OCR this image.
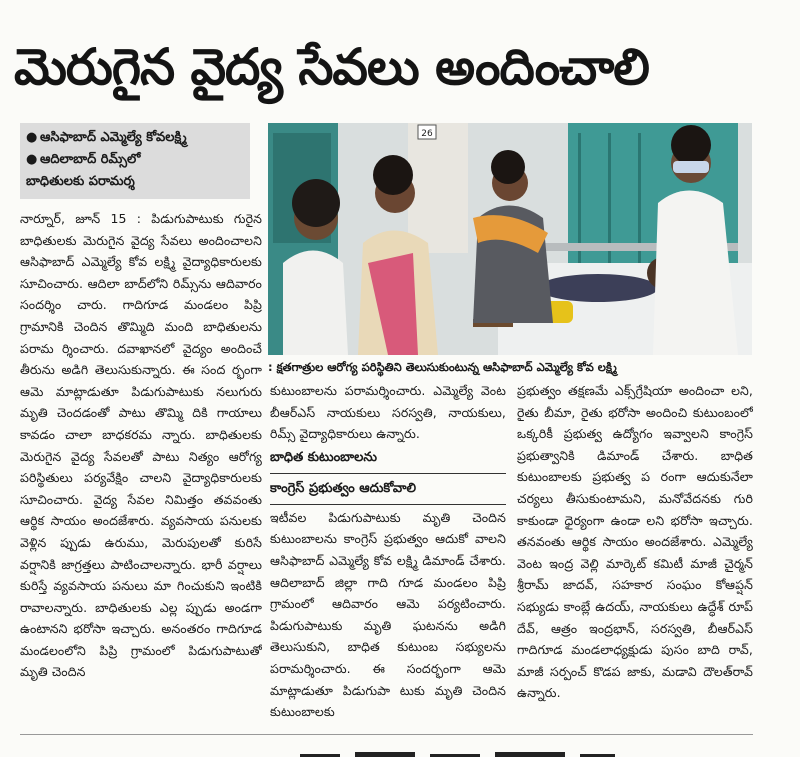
మెరుగైన వైద్య సేవలు అందించాలి
● ఆసిఫాబాద్ ఎమ్మెల్యే కోవలక్ష్మి
● ఆదిలాబాద్ రిమ్స్‌లో
బాధితులకు పరామర్శ
నార్నూర్, జూన్ 15 : పిడుగుపాటుకు గురైన బాధితులకు మెరుగైన వైద్య సేవలు అందించాలని ఆసిఫాబాద్ ఎమ్మెల్యే కోవ లక్ష్మి వైద్యాధికారులకు సూచించారు. ఆదిలా బాద్‌లోని రిమ్స్‌ను ఆదివారం సందర్శిం చారు. గాదిగూడ మండలం పిప్రి గ్రామానికి చెందిన తొమ్మిది మంది బాధితులను పరామ ర్శించారు. దవాఖానలో వైద్యం అందించే తీరును అడిగి తెలుసుకున్నారు. ఈ సంద ర్భంగా ఆమె మాట్లాడుతూ పిడుగుపాటుకు నలుగురు మృతి చెందడంతో పాటు తొమ్మి దికి గాయాలు కావడం చాలా బాధకరమ న్నారు. బాధితులకు మెరుగైన వైద్య సేవలతో పాటు నిత్యం ఆరోగ్య పరిస్థితులు పర్యవేక్షిం చాలని వైద్యాధికారులకు సూచించారు. వైద్య సేవల నిమిత్తం తవవంతు ఆర్థిక సాయం అందజేశారు. వ్యవసాయ పనులకు వెళ్లిన ప్పుడు ఉరుము, మెరుపులతో కురిసే వర్షానికి జాగ్రత్తలు పాటించాలన్నారు. భారీ వర్షాలు కురిస్తే వ్యవసాయ పనులు మా గించుకుని ఇంటికి రావాలన్నారు. బాధితులకు ఎల్ల ప్పుడు అండగా ఉంటానని భరోసా ఇచ్చారు. అనంతరం గాదిగూడ మండలంలోని పిప్రి గ్రామంలో పిడుగుపాటుతో మృతి చెందిన
26
: క్షతగాత్రుల ఆరోగ్య పరిస్థితిని తెలుసుకుంటున్న ఆసిఫాబాద్ ఎమ్మెల్యే కోవ లక్ష్మి
కుటుంబాలను పరామర్శించారు. ఎమ్మెల్యే వెంట బీఆర్ఎస్ నాయకులు సరస్వతి, నాయకులు, రిమ్స్ వైద్యాధికారులు ఉన్నారు.
బాధిత కుటుంబాలను
కాంగ్రెస్ ప్రభుత్వం ఆదుకోవాలి
ఇటీవల పిడుగుపాటుకు మృతి చెందిన కుటుంబాలను కాంగ్రెస్ ప్రభుత్వం ఆదుకో వాలని ఆసిఫాబాద్ ఎమ్మెల్యే కోవ లక్ష్మి డిమాండ్ చేశారు. ఆదిలాబాద్ జిల్లా గాది గూడ మండలం పిప్రి గ్రామంలో ఆదివారం ఆమె పర్యటించారు. పిడుగుపాటుకు మృతి ఘటనను అడిగి తెలుసుకుని, బాధిత కుటుంబ సభ్యులను పరామర్శించారు. ఈ సందర్భంగా ఆమె మాట్లాడుతూ పిడుగుపా టుకు మృతి చెందిన కుటుంబాలకు
ప్రభుత్వం తక్షణమే ఎక్స్‌గ్రేషియా అందించా లని, రైతు బీమా, రైతు భరోసా అందించి కుటుంబంలో ఒక్కరికీ ప్రభుత్వ ఉద్యోగం ఇవ్వాలని కాంగ్రెస్ ప్రభుత్వానికి డిమాండ్ చేశారు. బాధిత కుటుంబాలకు ప్రభుత్వ ప రంగా ఆదుకునేలా చర్యలు తీసుకుంటామని, మనోవేదనకు గురి కాకుండా ధైర్యంగా ఉండా లని భరోసా ఇచ్చారు. తనవంతు ఆర్థిక సాయం అందజేశారు. ఎమ్మెల్యే వెంట ఇంద్ర వెల్లి మార్కెట్ కమిటీ మాజీ చైర్మన్ శ్రీరామ్ జాదవ్, సహకార సంఘం కోఆప్షన్ సభ్యుడు కాంబ్లే ఉదయ్, నాయకులు ఉద్ధేశ్ రూప్ దేవ్, ఆత్రం ఇంద్రభాన్, సరస్వతి, బీఆర్ఎస్ గాదిగూడ మండలాధ్యక్షుడు పుసం బాది రావ్, మాజీ సర్పంచ్ కొడప జాకు, మడావి దౌలత్‌రావ్ ఉన్నారు.
